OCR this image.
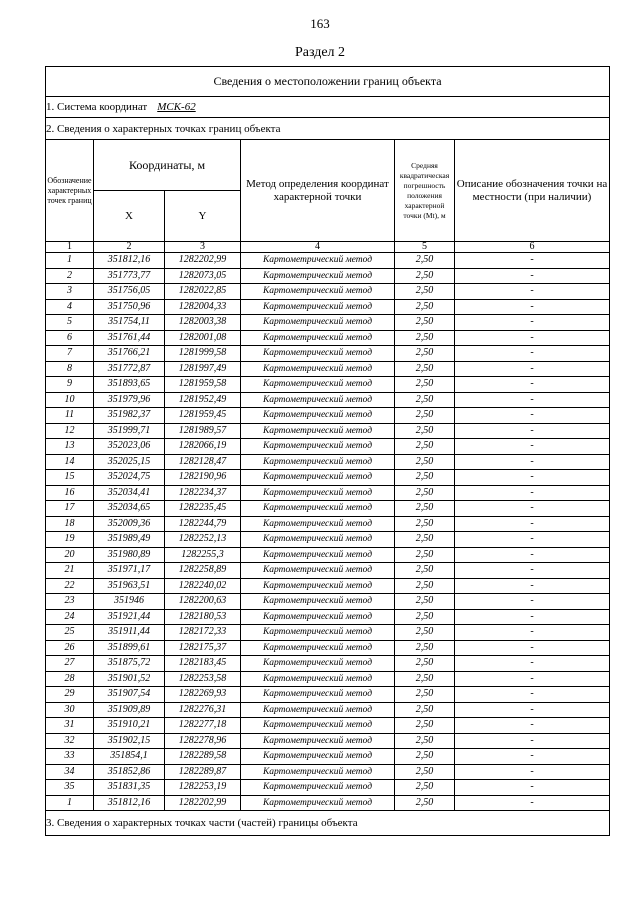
163
Раздел 2
Сведения о местоположении границ объекта					
1. Система координат МСК-62					
2. Сведения о характерных точках границ объекта					
Обозначение характерных точек границ	Координаты, м		Метод определения координат характерной точки	Средняя квадратическая погрешность положения характерной точки (Mt), м	Описание обозначения точки на местности (при наличии)
	X	Y			
1	2	3	4	5	6
1	351812,16	1282202,99	Картометрический метод	2,50	-
2	351773,77	1282073,05	Картометрический метод	2,50	-
3	351756,05	1282022,85	Картометрический метод	2,50	-
4	351750,96	1282004,33	Картометрический метод	2,50	-
5	351754,11	1282003,38	Картометрический метод	2,50	-
6	351761,44	1282001,08	Картометрический метод	2,50	-
7	351766,21	1281999,58	Картометрический метод	2,50	-
8	351772,87	1281997,49	Картометрический метод	2,50	-
9	351893,65	1281959,58	Картометрический метод	2,50	-
10	351979,96	1281952,49	Картометрический метод	2,50	-
11	351982,37	1281959,45	Картометрический метод	2,50	-
12	351999,71	1281989,57	Картометрический метод	2,50	-
13	352023,06	1282066,19	Картометрический метод	2,50	-
14	352025,15	1282128,47	Картометрический метод	2,50	-
15	352024,75	1282190,96	Картометрический метод	2,50	-
16	352034,41	1282234,37	Картометрический метод	2,50	-
17	352034,65	1282235,45	Картометрический метод	2,50	-
18	352009,36	1282244,79	Картометрический метод	2,50	-
19	351989,49	1282252,13	Картометрический метод	2,50	-
20	351980,89	1282255,3	Картометрический метод	2,50	-
21	351971,17	1282258,89	Картометрический метод	2,50	-
22	351963,51	1282240,02	Картометрический метод	2,50	-
23	351946	1282200,63	Картометрический метод	2,50	-
24	351921,44	1282180,53	Картометрический метод	2,50	-
25	351911,44	1282172,33	Картометрический метод	2,50	-
26	351899,61	1282175,37	Картометрический метод	2,50	-
27	351875,72	1282183,45	Картометрический метод	2,50	-
28	351901,52	1282253,58	Картометрический метод	2,50	-
29	351907,54	1282269,93	Картометрический метод	2,50	-
30	351909,89	1282276,31	Картометрический метод	2,50	-
31	351910,21	1282277,18	Картометрический метод	2,50	-
32	351902,15	1282278,96	Картометрический метод	2,50	-
33	351854,1	1282289,58	Картометрический метод	2,50	-
34	351852,86	1282289,87	Картометрический метод	2,50	-
35	351831,35	1282253,19	Картометрический метод	2,50	-
1	351812,16	1282202,99	Картометрический метод	2,50	-
3. Сведения о характерных точках части (частей) границы объекта					
